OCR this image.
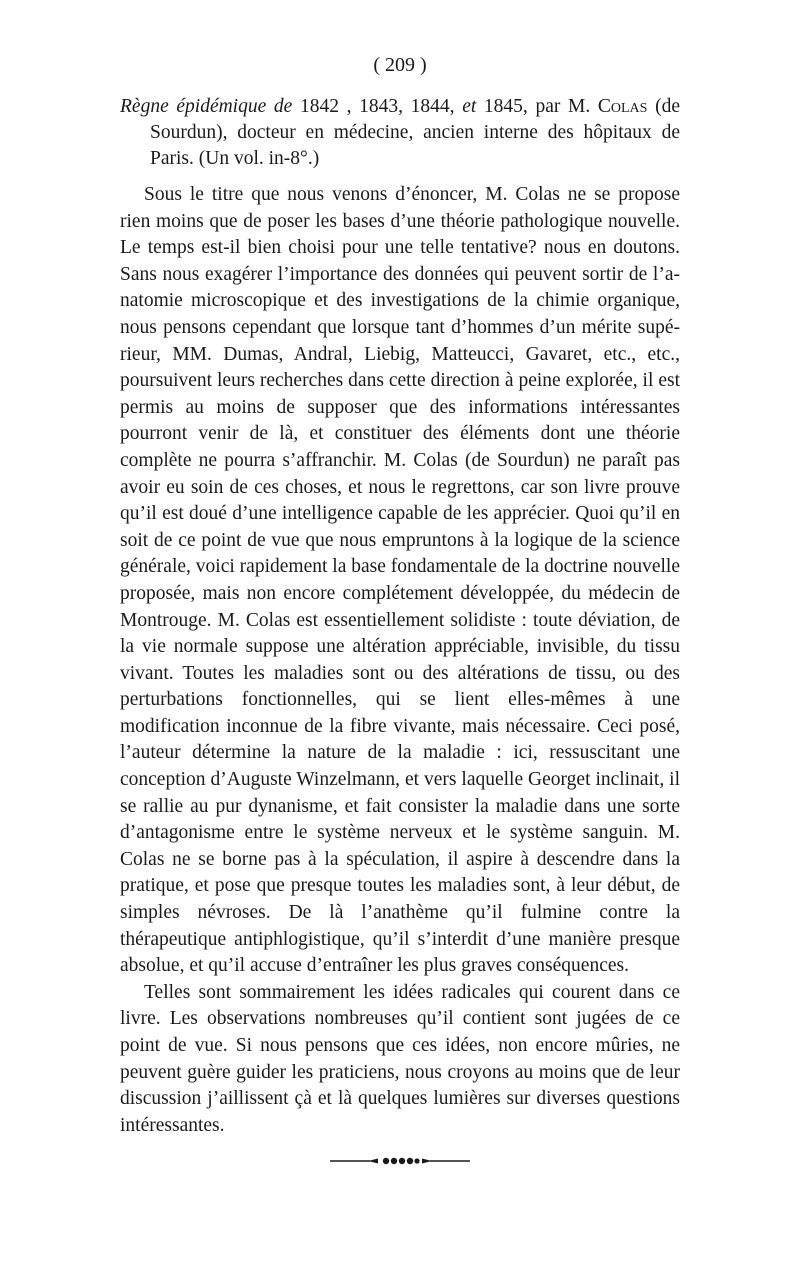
( 209 )

Règne épidémique de 1842 , 1843, 1844, et 1845, par M. Colas (de Sourdun), docteur en médecine, ancien interne des hôpitaux de Paris. (Un vol. in-8°.)

Sous le titre que nous venons d’énoncer, M. Colas ne se propose rien moins que de poser les bases d’une théorie pathologique nouvelle. Le temps est-il bien choisi pour une telle tentative? nous en doutons. Sans nous exagérer l’importance des données qui peuvent sortir de l’anatomie microscopique et des investigations de la chimie organique, nous pensons cependant que lorsque tant d’hommes d’un mérite supérieur, MM. Dumas, Andral, Liebig, Matteucci, Gavaret, etc., etc., poursuivent leurs recherches dans cette direction à peine explorée, il est permis au moins de supposer que des informations intéressantes pourront venir de là, et constituer des éléments dont une théorie complète ne pourra s’affranchir. M. Colas (de Sourdun) ne paraît pas avoir eu soin de ces choses, et nous le regrettons, car son livre prouve qu’il est doué d’une intelligence capable de les apprécier. Quoi qu’il en soit de ce point de vue que nous empruntons à la logique de la science générale, voici rapidement la base fondamentale de la doctrine nouvelle proposée, mais non encore complétement développée, du médecin de Montrouge. M. Colas est essentiellement solidiste : toute déviation, de la vie normale suppose une altération appréciable, invisible, du tissu vivant. Toutes les maladies sont ou des altérations de tissu, ou des perturbations fonctionnelles, qui se lient elles-mêmes à une modification inconnue de la fibre vivante, mais nécessaire. Ceci posé, l’auteur détermine la nature de la maladie : ici, ressuscitant une conception d’Auguste Winzelmann, et vers laquelle Georget inclinait, il se rallie au pur dynanisme, et fait consister la maladie dans une sorte d’antagonisme entre le système nerveux et le système sanguin. M. Colas ne se borne pas à la spéculation, il aspire à descendre dans la pratique, et pose que presque toutes les maladies sont, à leur début, de simples névroses. De là l’anathème qu’il fulmine contre la thérapeutique antiphlogistique, qu’il s’interdit d’une manière presque absolue, et qu’il accuse d’entraîner les plus graves conséquences.

Telles sont sommairement les idées radicales qui courent dans ce livre. Les observations nombreuses qu’il contient sont jugées de ce point de vue. Si nous pensons que ces idées, non encore mûries, ne peuvent guère guider les praticiens, nous croyons au moins que de leur discussion j’aillissent çà et là quelques lumières sur diverses questions intéressantes.
